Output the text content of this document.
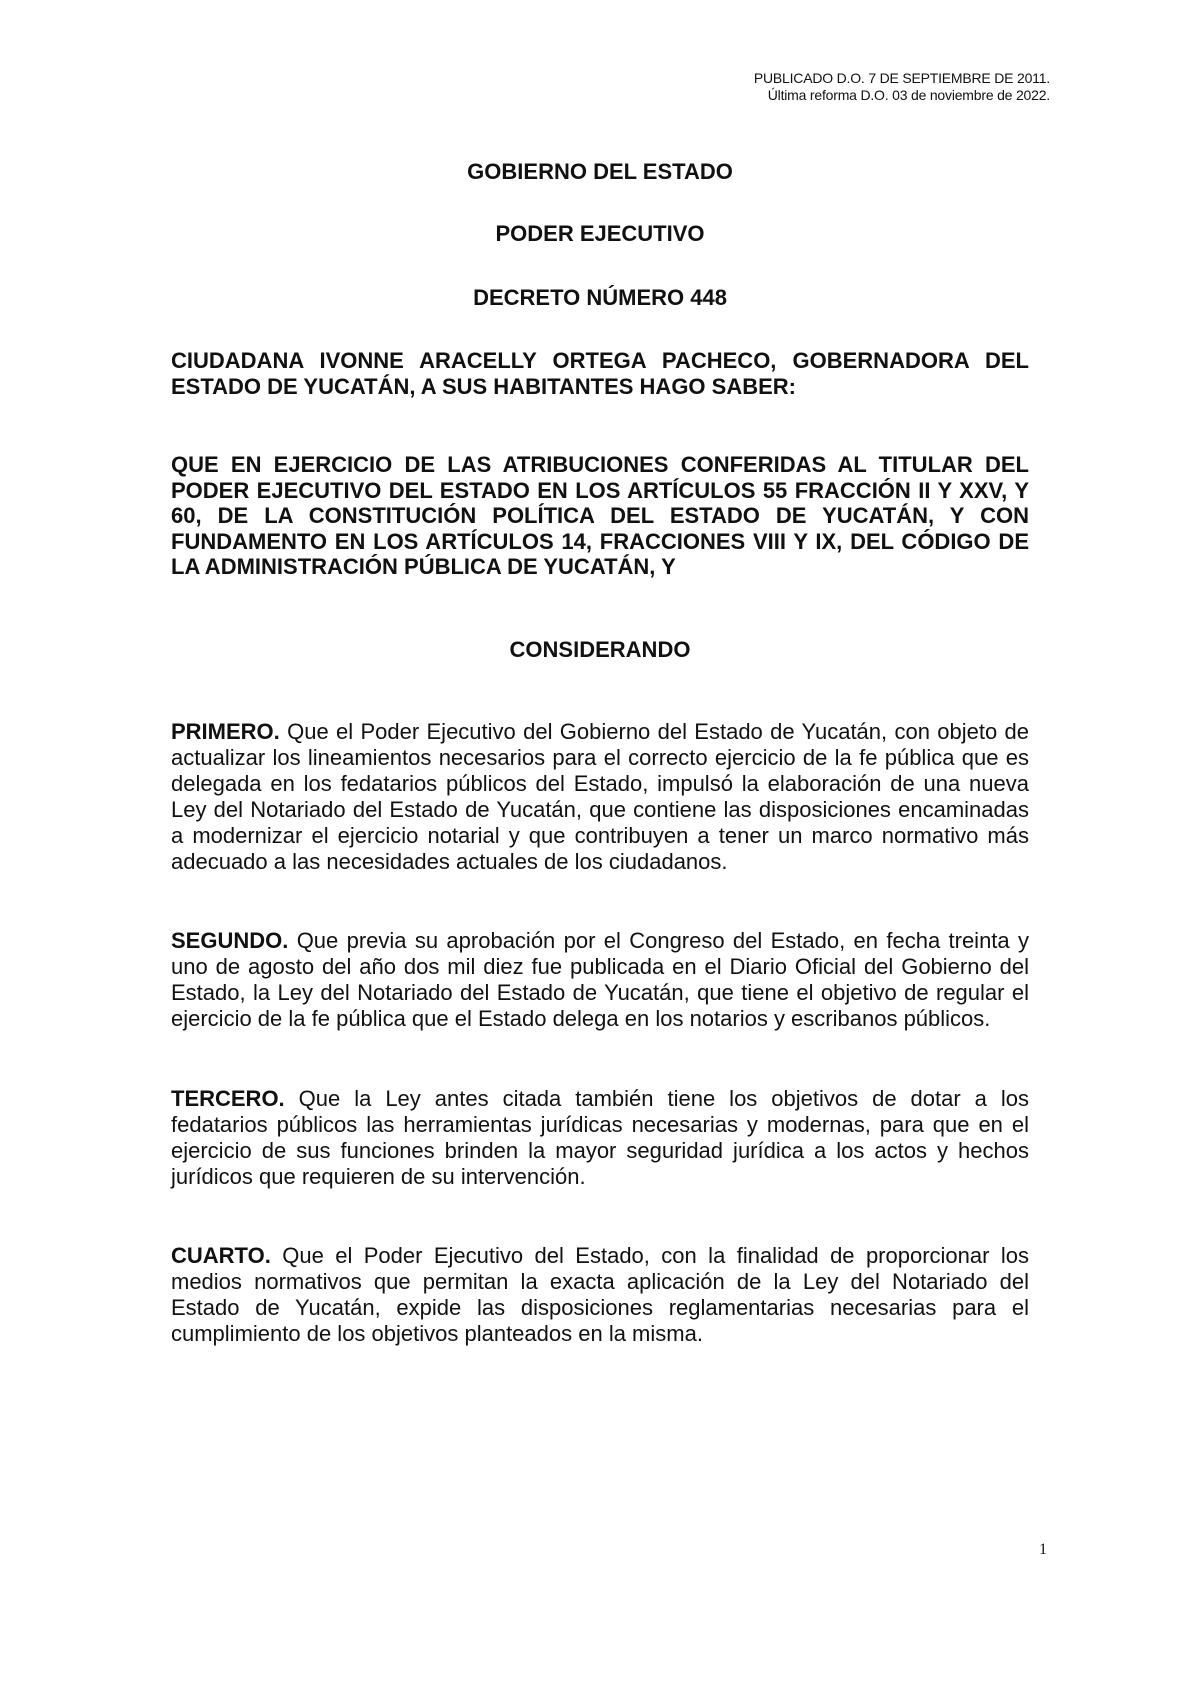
PUBLICADO D.O. 7 DE SEPTIEMBRE DE 2011.
Última reforma D.O. 03 de noviembre de 2022.

GOBIERNO DEL ESTADO

PODER EJECUTIVO

DECRETO NÚMERO 448

CIUDADANA IVONNE ARACELLY ORTEGA PACHECO, GOBERNADORA DEL ESTADO DE YUCATÁN, A SUS HABITANTES HAGO SABER:

QUE EN EJERCICIO DE LAS ATRIBUCIONES CONFERIDAS AL TITULAR DEL PODER EJECUTIVO DEL ESTADO EN LOS ARTÍCULOS 55 FRACCIÓN II Y XXV, Y 60, DE LA CONSTITUCIÓN POLÍTICA DEL ESTADO DE YUCATÁN, Y CON FUNDAMENTO EN LOS ARTÍCULOS 14, FRACCIONES VIII Y IX, DEL CÓDIGO DE LA ADMINISTRACIÓN PÚBLICA DE YUCATÁN, Y

CONSIDERANDO

PRIMERO. Que el Poder Ejecutivo del Gobierno del Estado de Yucatán, con objeto de actualizar los lineamientos necesarios para el correcto ejercicio de la fe pública que es delegada en los fedatarios públicos del Estado, impulsó la elaboración de una nueva Ley del Notariado del Estado de Yucatán, que contiene las disposiciones encaminadas a modernizar el ejercicio notarial y que contribuyen a tener un marco normativo más adecuado a las necesidades actuales de los ciudadanos.

SEGUNDO. Que previa su aprobación por el Congreso del Estado, en fecha treinta y uno de agosto del año dos mil diez fue publicada en el Diario Oficial del Gobierno del Estado, la Ley del Notariado del Estado de Yucatán, que tiene el objetivo de regular el ejercicio de la fe pública que el Estado delega en los notarios y escribanos públicos.

TERCERO. Que la Ley antes citada también tiene los objetivos de dotar a los fedatarios públicos las herramientas jurídicas necesarias y modernas, para que en el ejercicio de sus funciones brinden la mayor seguridad jurídica a los actos y hechos jurídicos que requieren de su intervención.

CUARTO. Que el Poder Ejecutivo del Estado, con la finalidad de proporcionar los medios normativos que permitan la exacta aplicación de la Ley del Notariado del Estado de Yucatán, expide las disposiciones reglamentarias necesarias para el cumplimiento de los objetivos planteados en la misma.

1
